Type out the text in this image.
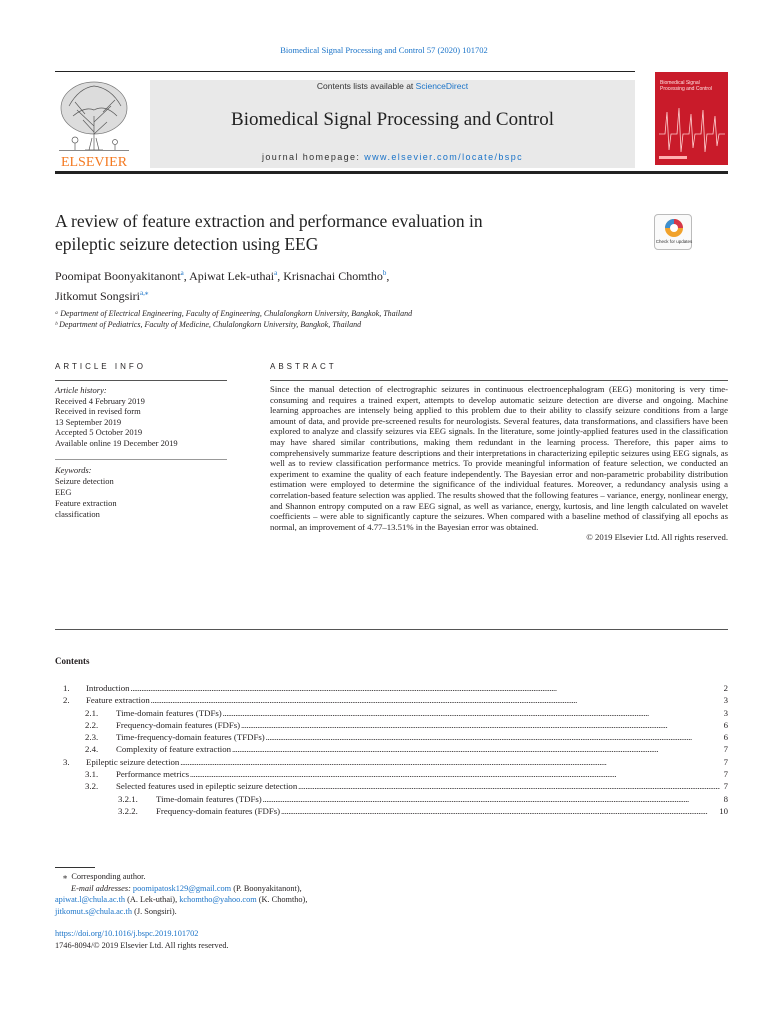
Biomedical Signal Processing and Control 57 (2020) 101702
ELSEVIER
Contents lists available at ScienceDirect
Biomedical Signal Processing and Control
journal homepage: www.elsevier.com/locate/bspc
Biomedical Signal Processing and Control
A review of feature extraction and performance evaluation in
epileptic seizure detection using EEG	Check for updates
Poomipat Boonyakitanont$^a$, Apiwat Lek-uthai$^a$, Krisnachai Chomtho$^b$,
Jitkomut Songsiri$^{a,⁎}$
ᵃ Department of Electrical Engineering, Faculty of Engineering, Chulalongkorn University, Bangkok, Thailand
ᵇ Department of Pediatrics, Faculty of Medicine, Chulalongkorn University, Bangkok, Thailand
ARTICLE INFO	ABSTRACT
Article history:
Received 4 February 2019
Received in revised form
13 September 2019
Accepted 5 October 2019
Available online 19 December 2019
Keywords:
Seizure detection
EEG
Feature extraction
classification
Since the manual detection of electrographic seizures in continuous electroencephalogram (EEG) monitoring is very time-consuming and requires a trained expert, attempts to develop automatic seizure detection are diverse and ongoing. Machine learning approaches are intensely being applied to this problem due to their ability to classify seizure conditions from a large amount of data, and provide pre-screened results for neurologists. Several features, data transformations, and classifiers have been explored to analyze and classify seizures via EEG signals. In the literature, some jointly-applied features used in the classification may have shared similar contributions, making them redundant in the learning process. Therefore, this paper aims to comprehensively summarize feature descriptions and their interpretations in characterizing epileptic seizures using EEG signals, as well as to review classification performance metrics. To provide meaningful information of feature selection, we conducted an experiment to examine the quality of each feature independently. The Bayesian error and non-parametric probability distribution estimation were employed to determine the significance of the individual features. Moreover, a redundancy analysis using a correlation-based feature selection was applied. The results showed that the following features – variance, energy, nonlinear energy, and Shannon entropy computed on a raw EEG signal, as well as variance, energy, kurtosis, and line length calculated on wavelet coefficients – were able to significantly capture the seizures. When compared with a baseline method of classifying all epochs as normal, an improvement of 4.77–13.51% in the Bayesian error was obtained.
© 2019 Elsevier Ltd. All rights reserved.
Contents
1. Introduction . . .	2
2. Feature extraction . . .	3
2.1. Time-domain features (TDFs) . . .	3
2.2. Frequency-domain features (FDFs) . . .	6
2.3. Time-frequency-domain features (TFDFs) . . .	6
2.4. Complexity of feature extraction . . .	7
3. Epileptic seizure detection . . .	7
3.1. Performance metrics . . .	7
3.2. Selected features used in epileptic seizure detection . . .	7
3.2.1. Time-domain features (TDFs) . . .	8
3.2.2. Frequency-domain features (FDFs) . . .	10
⁎ Corresponding author.
E-mail addresses: poomipatosk129@gmail.com (P. Boonyakitanont),
apiwat.l@chula.ac.th (A. Lek-uthai), kchomtho@yahoo.com (K. Chomtho),
jitkomut.s@chula.ac.th (J. Songsiri).
https://doi.org/10.1016/j.bspc.2019.101702
1746-8094/© 2019 Elsevier Ltd. All rights reserved.
